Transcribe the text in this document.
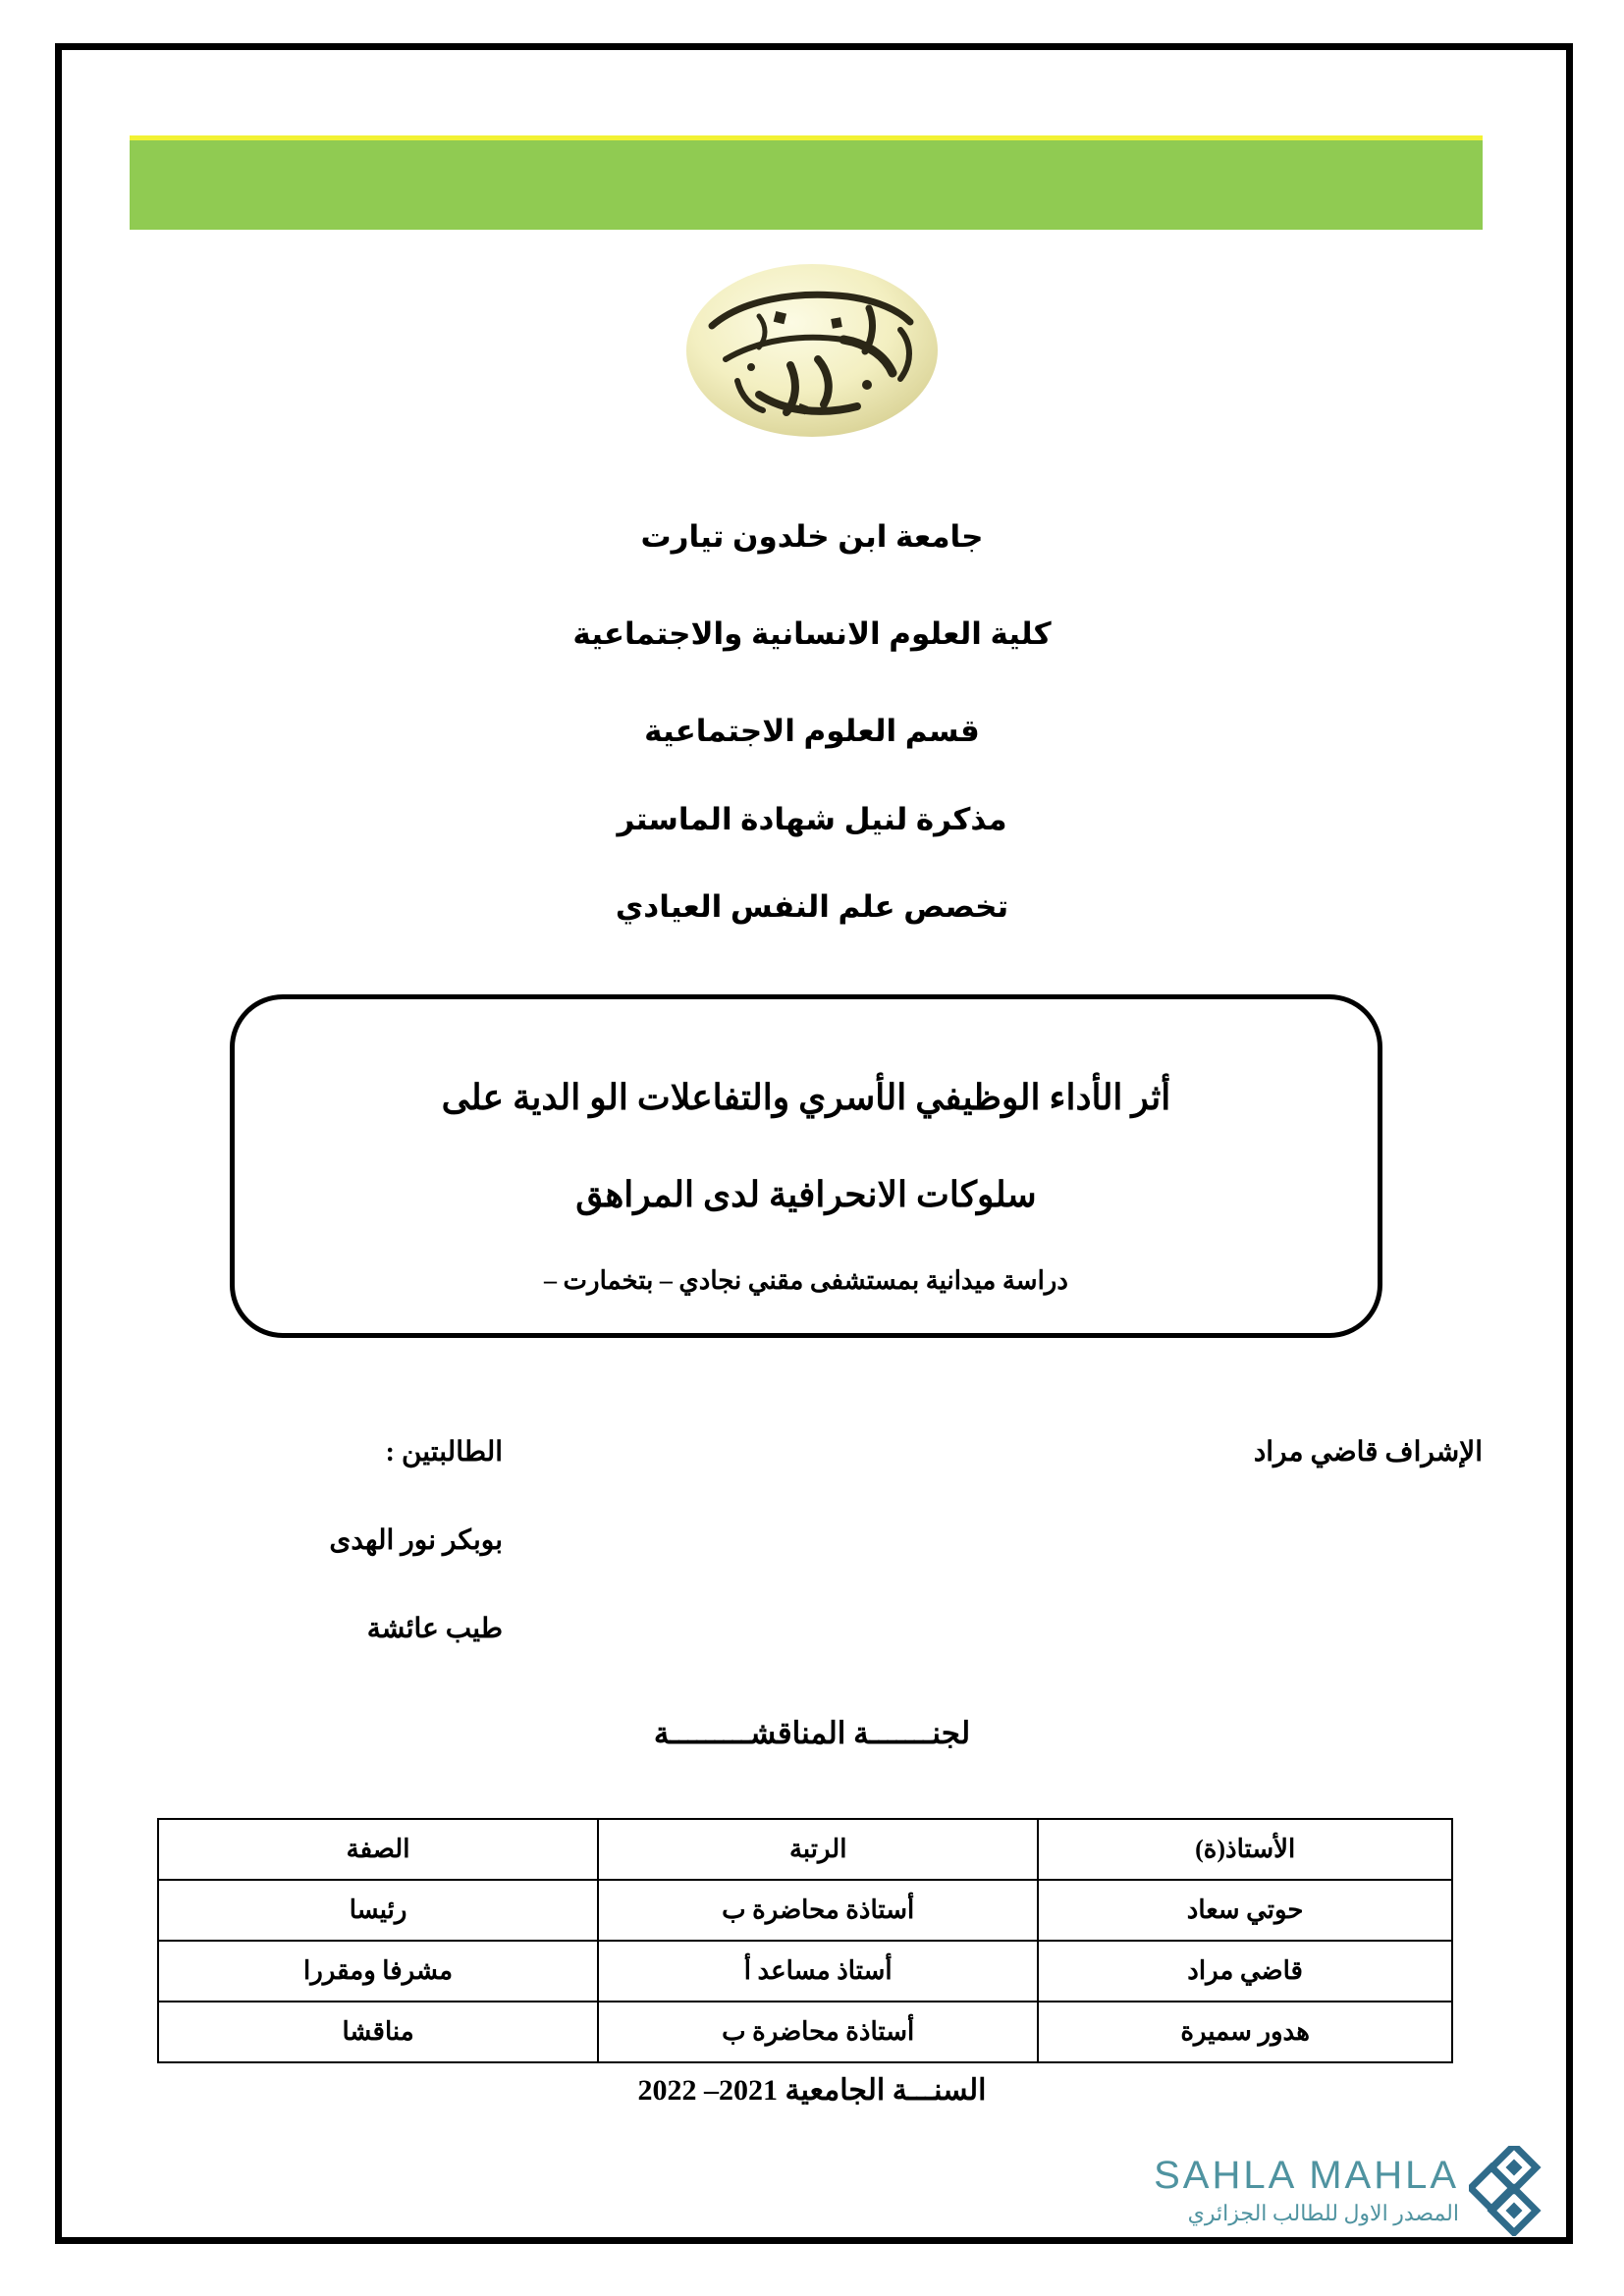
جامعة ابن خلدون تيارت
كلية العلوم الانسانية والاجتماعية
قسم العلوم الاجتماعية
مذكرة لنيل شهادة الماستر
تخصص علم النفس العيادي
أثر الأداء الوظيفي الأسري والتفاعلات الو الدية على
سلوكات الانحرافية لدى المراهق
دراسة ميدانية بمستشفى مقني نجادي – بتخمارت –
الطالبتين :
بوبكر نور الهدى
طيب عائشة
الإشراف قاضي مراد
لجنـــــــة المناقشـــــــــة
الأستاذ(ة)	الرتبة	الصفة
حوتي سعاد	أستاذة محاضرة ب	رئيسا
قاضي مراد	أستاذ مساعد أ	مشرفا ومقررا
هدور سميرة	أستاذة محاضرة ب	مناقشا
السنـــة الجامعية 2021– 2022
SAHLA MAHLA
المصدر الاول للطالب الجزائري
